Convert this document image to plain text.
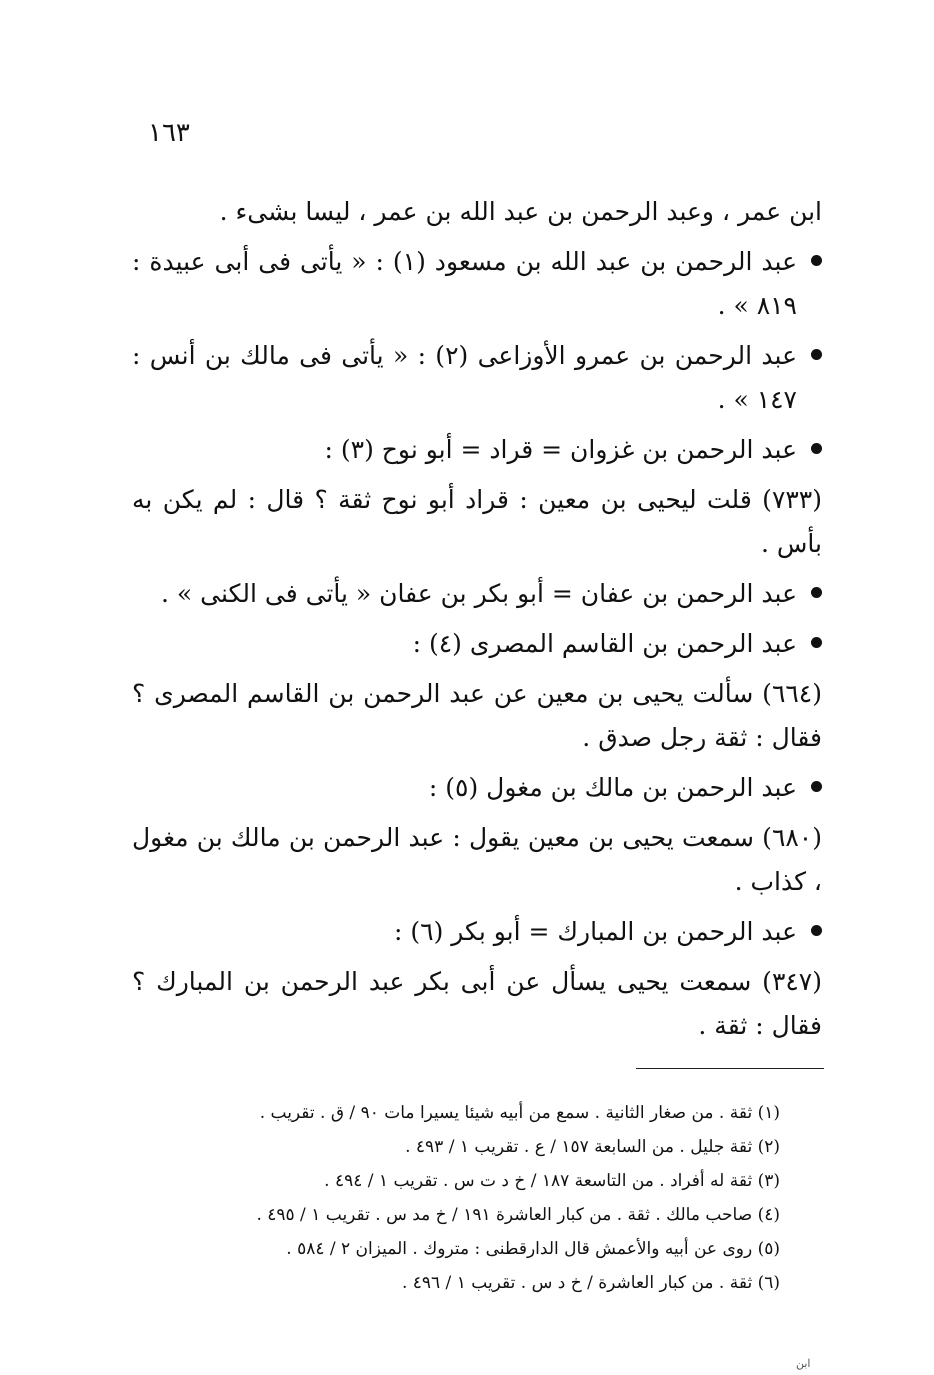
١٦٣

ابن عمر ، وعبد الرحمن بن عبد الله بن عمر ، ليسا بشىء .

عبد الرحمن بن عبد الله بن مسعود (١) : « يأتى فى أبى عبيدة : ٨١٩ » .

عبد الرحمن بن عمرو الأوزاعى (٢) : « يأتى فى مالك بن أنس : ١٤٧ » .

عبد الرحمن بن غزوان = قراد = أبو نوح (٣) :

(٧٣٣) قلت ليحيى بن معين : قراد أبو نوح ثقة ؟ قال : لم يكن به بأس .

عبد الرحمن بن عفان = أبو بكر بن عفان « يأتى فى الكنى » .

عبد الرحمن بن القاسم المصرى (٤) :

(٦٦٤) سألت يحيى بن معين عن عبد الرحمن بن القاسم المصرى ؟ فقال : ثقة رجل صدق .

عبد الرحمن بن مالك بن مغول (٥) :

(٦٨٠) سمعت يحيى بن معين يقول : عبد الرحمن بن مالك بن مغول ، كذاب .

عبد الرحمن بن المبارك = أبو بكر (٦) :

(٣٤٧) سمعت يحيى يسأل عن أبى بكر عبد الرحمن بن المبارك ؟ فقال : ثقة .

(١) ثقة . من صغار الثانية . سمع من أبيه شيئا يسيرا مات ٩٠ / ق . تقريب .
(٢) ثقة جليل . من السابعة ١٥٧ / ع . تقريب ١ / ٤٩٣ .
(٣) ثقة له أفراد . من التاسعة ١٨٧ / خ د ت س . تقريب ١ / ٤٩٤ .
(٤) صاحب مالك . ثقة . من كبار العاشرة ١٩١ / خ مد س . تقريب ١ / ٤٩٥ .
(٥) روى عن أبيه والأعمش قال الدارقطنى : متروك . الميزان ٢ / ٥٨٤ .
(٦) ثقة . من كبار العاشرة / خ د س . تقريب ١ / ٤٩٦ .
ابن
